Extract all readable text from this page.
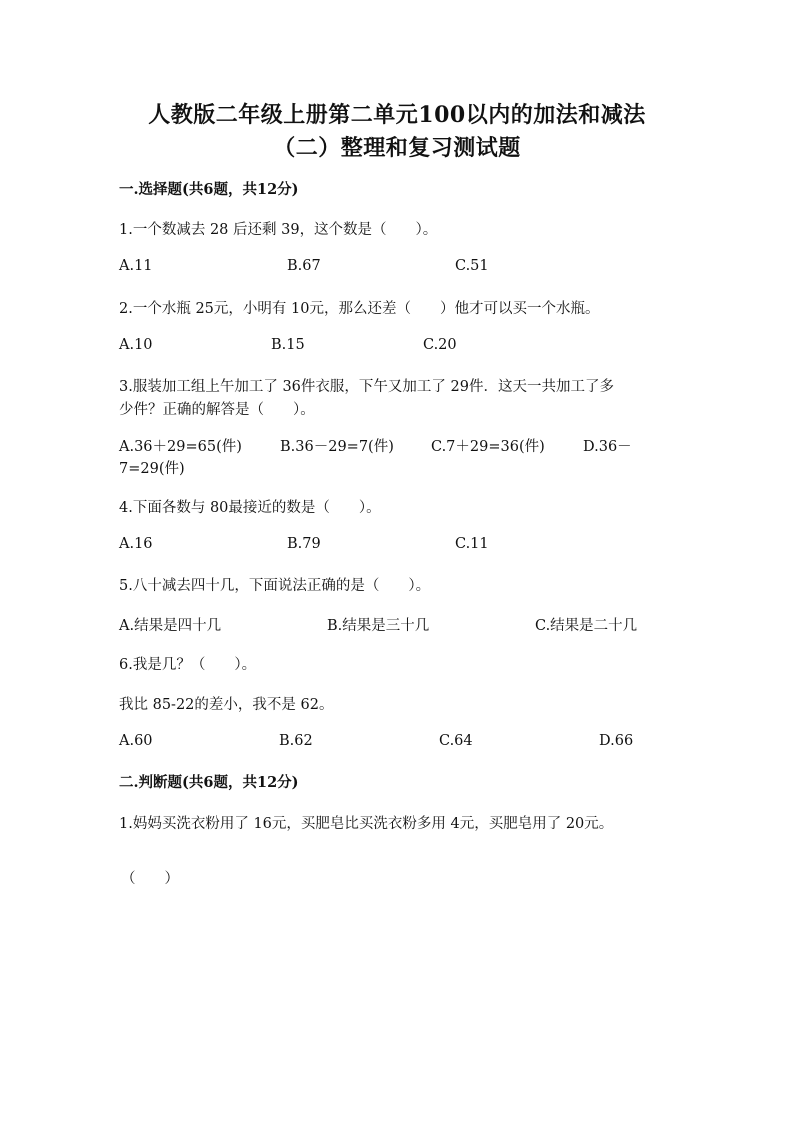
人教版二年级上册第二单元100以内的加法和减法
（二）整理和复习测试题
一.选择题(共6题，共12分)
1.一个数减去 28 后还剩 39，这个数是（　　）。
A.11	B.67	C.51
2.一个水瓶 25元，小明有 10元，那么还差（　　）他才可以买一个水瓶。
A.10	B.15	C.20
3.服装加工组上午加工了 36件衣服，下午又加工了 29件．这天一共加工了多
少件？正确的解答是（　　）。
A.36＋29=65(件)	B.36－29=7(件)	C.7＋29=36(件)	D.36－
7=29(件)
4.下面各数与 80最接近的数是（　　）。
A.16	B.79	C.11
5.八十减去四十几，下面说法正确的是（　　）。
A.结果是四十几	B.结果是三十几	C.结果是二十几
6.我是几？（　　）。
我比 85-22的差小，我不是 62。
A.60	B.62	C.64	D.66
二.判断题(共6题，共12分)
1.妈妈买洗衣粉用了 16元，买肥皂比买洗衣粉多用 4元，买肥皂用了 20元。
（　　）
